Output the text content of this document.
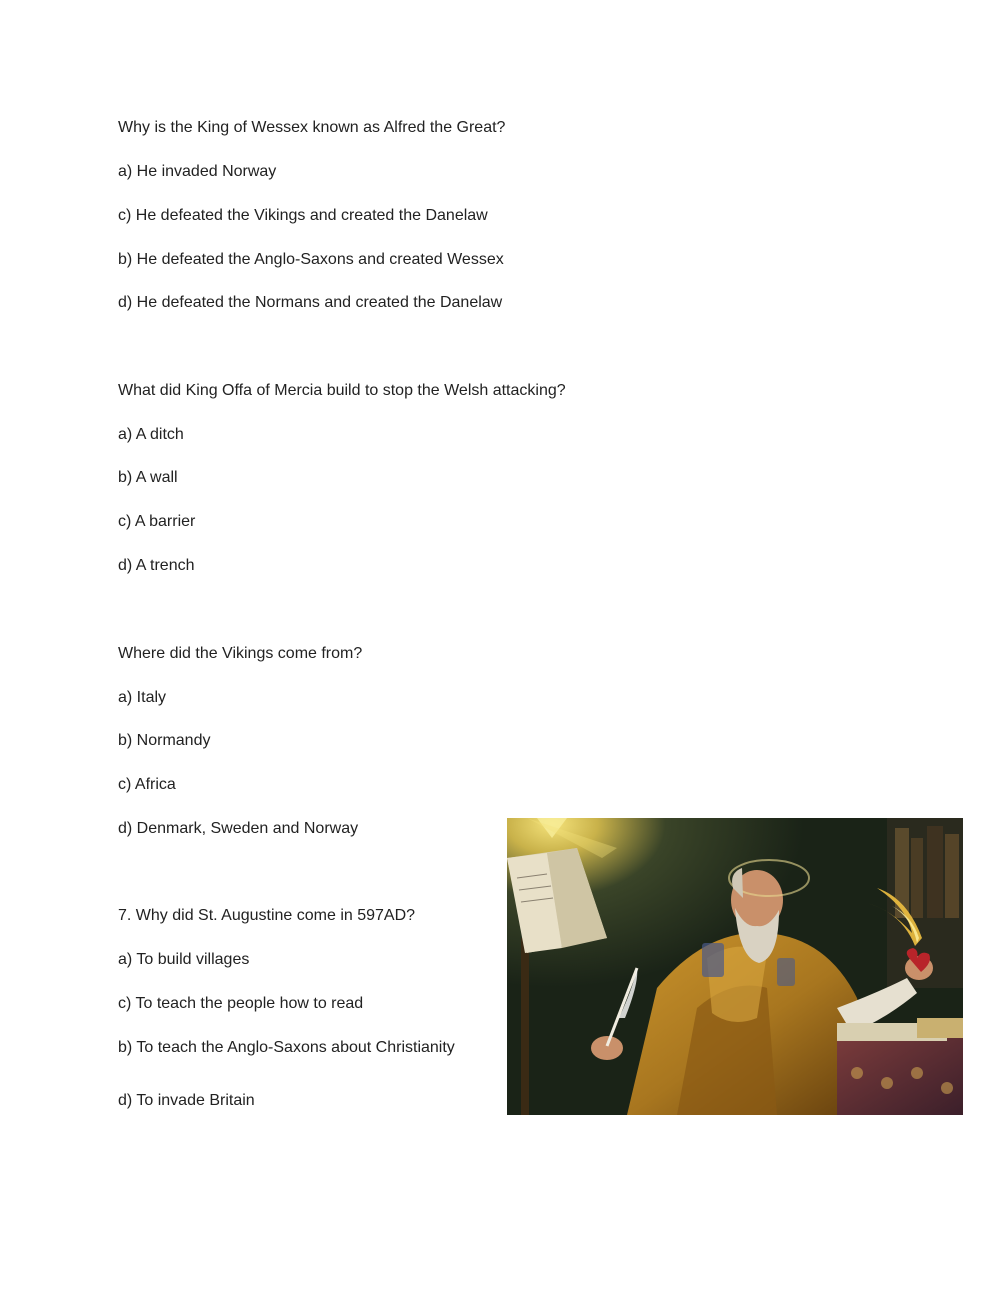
Why is the King of Wessex known as Alfred the Great?
a) He invaded Norway
c) He defeated the Vikings and created the Danelaw
b) He defeated the Anglo-Saxons and created Wessex
d) He defeated the Normans and created the Danelaw
What did King Offa of Mercia build to stop the Welsh attacking?
a) A ditch
b) A wall
c) A barrier
d) A trench
Where did the Vikings come from?
a) Italy
b) Normandy
c) Africa
d) Denmark, Sweden and Norway
7. Why did St. Augustine come in 597AD?
a) To build villages
c) To teach the people how to read
b) To teach the Anglo-Saxons about Christianity
d) To invade Britain
